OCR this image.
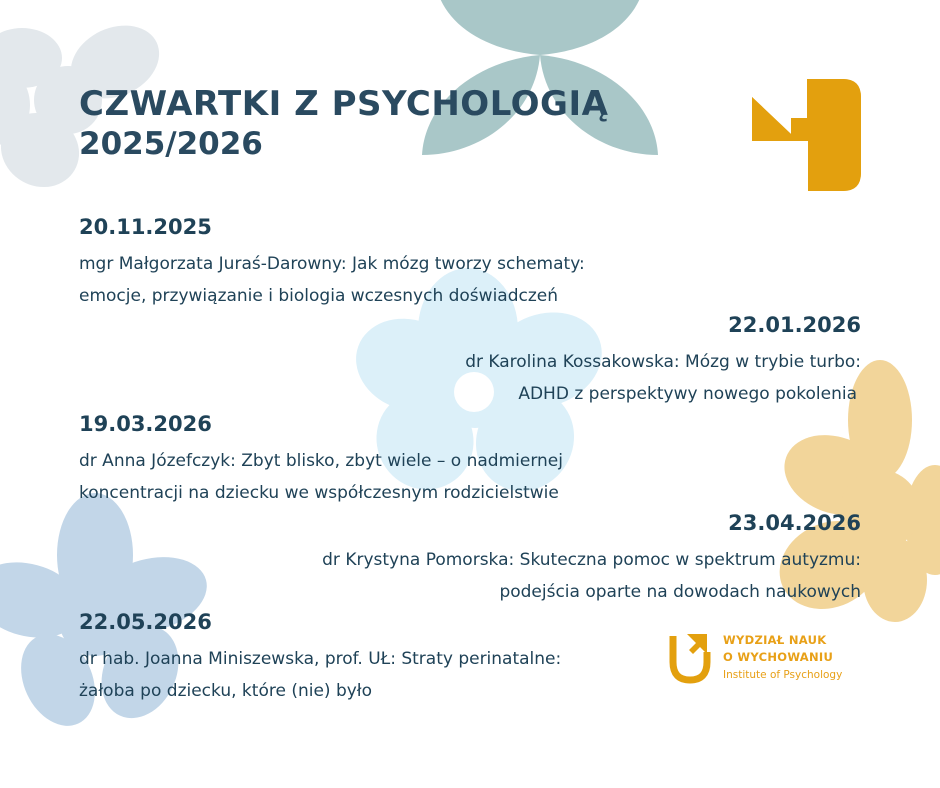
CZWARTKI Z PSYCHOLOGIĄ
2025/2026
20.11.2025
mgr Małgorzata Juraś-Darowny: Jak mózg tworzy schematy:
emocje, przywiązanie i biologia wczesnych doświadczeń
22.01.2026
dr Karolina Kossakowska: Mózg w trybie turbo:
ADHD z perspektywy nowego pokolenia
19.03.2026
dr Anna Józefczyk: Zbyt blisko, zbyt wiele – o nadmiernej
koncentracji na dziecku we współczesnym rodzicielstwie
23.04.2026
dr Krystyna Pomorska: Skuteczna pomoc w spektrum autyzmu:
podejścia oparte na dowodach naukowych
22.05.2026
dr hab. Joanna Miniszewska, prof. UŁ: Straty perinatalne:
żałoba po dziecku, które (nie) było
WYDZIAŁ NAUK
O WYCHOWANIU
Institute of Psychology
